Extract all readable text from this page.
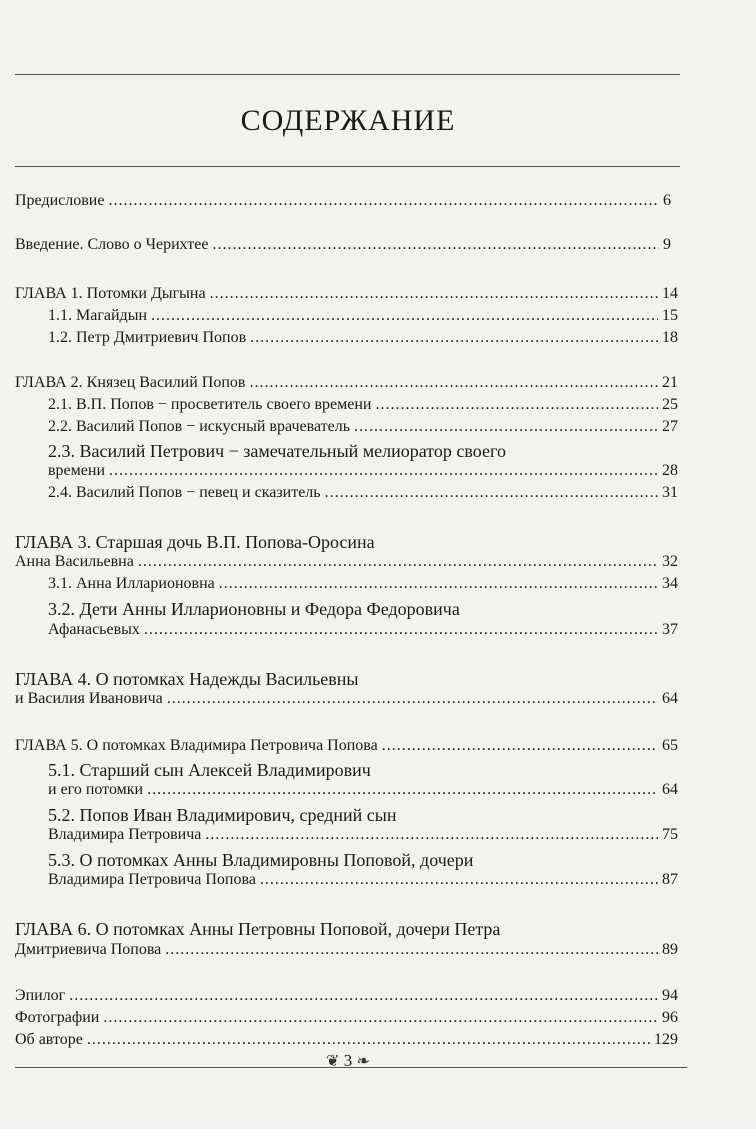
СОДЕРЖАНИЕ
Предисловие .....	6
Введение. Слово о Черихтее .....	9
ГЛАВА 1. Потомки Дыгына .....	14
1.1. Магайдын .....	15
1.2. Петр Дмитриевич Попов .....	18
ГЛАВА 2. Князец Василий Попов .....	21
2.1. В.П. Попов − просветитель своего времени .....	25
2.2. Василий Попов − искусный врачеватель .....	27
2.3. Василий Петрович − замечательный мелиоратор своего
времени .....	28
2.4. Василий Попов − певец и сказитель .....	31
ГЛАВА 3. Старшая дочь В.П. Попова-Оросина
Анна Васильевна .....	32
3.1. Анна Илларионовна .....	34
3.2. Дети Анны Илларионовны и Федора Федоровича
Афанасьевых .....	37
ГЛАВА 4. О потомках Надежды Васильевны
и Василия Ивановича .....	64
ГЛАВА 5. О потомках Владимира Петровича Попова .....	65
5.1. Старший сын Алексей Владимирович
и его потомки .....	64
5.2. Попов Иван Владимирович, средний сын
Владимира Петровича .....	75
5.3. О потомках Анны Владимировны Поповой, дочери
Владимира Петровича Попова .....	87
ГЛАВА 6. О потомках Анны Петровны Поповой, дочери Петра
Дмитриевича Попова .....	89
Эпилог .....	94
Фотографии .....	96
Об авторе .....	129
❦ 3 ❧
